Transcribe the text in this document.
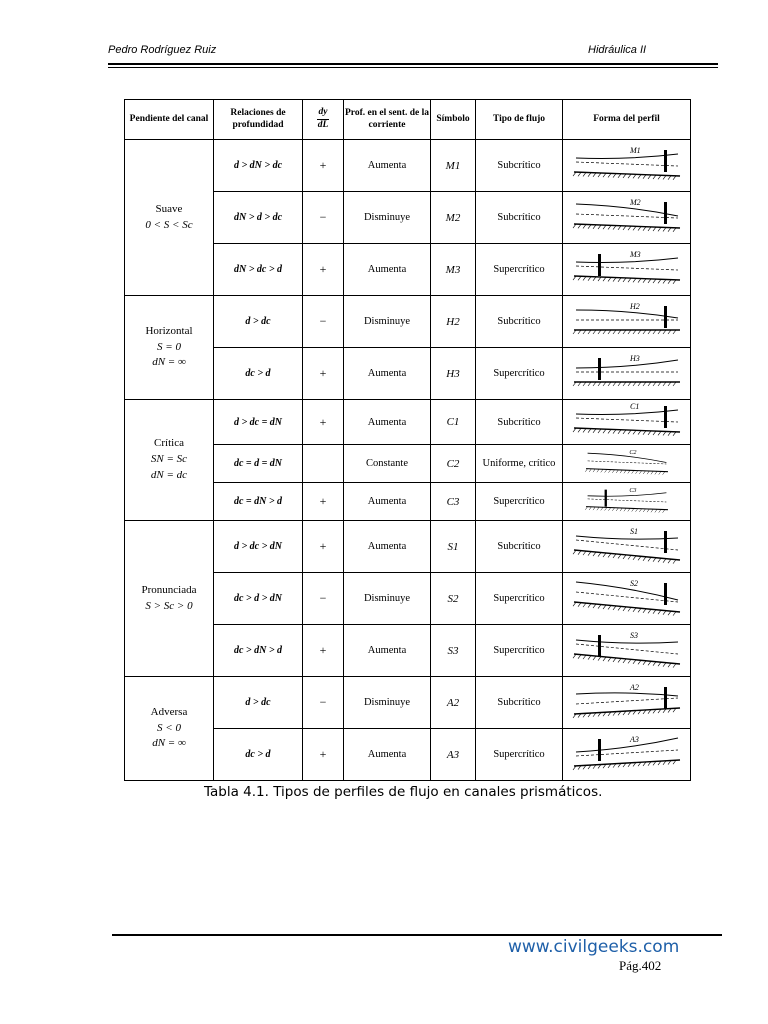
Pedro Rodríguez Ruiz	Hidráulica II
Pendiente del canal	Relaciones de profundidad	$\frac{dy}{dL}$	Prof. en el sent. de la corriente	Símbolo	Tipo de flujo	Forma del perfil

Suave
0 < S < Sc	d > dN > dc	+	Aumenta	M1	Subcrítico	M1

	dN > d > dc	−	Disminuye	M2	Subcrítico	M2

	dN > dc > d	+	Aumenta	M3	Supercrítico	M3

Horizontal
S = 0
dN = ∞	d > dc	−	Disminuye	H2	Subcrítico	H2

	dc > d	+	Aumenta	H3	Supercrítico	H3

Crítica
SN = Sc
dN = dc	d > dc = dN	+	Aumenta	C1	Subcrítico	C1

	dc = d = dN		Constante	C2	Uniforme, crítico	C2

	dc = dN > d	+	Aumenta	C3	Supercrítico	C3

Pronunciada
S > Sc > 0	d > dc > dN	+	Aumenta	S1	Subcrítico	S1

	dc > d > dN	−	Disminuye	S2	Supercrítico	S2

	dc > dN > d	+	Aumenta	S3	Supercrítico	S3

Adversa
S < 0
dN = ∞	d > dc	−	Disminuye	A2	Subcrítico	A2

	dc > d	+	Aumenta	A3	Supercrítico	A3
Tabla 4.1. Tipos de perfiles de flujo en canales prismáticos.
www.civilgeeks.com
Pág.402
